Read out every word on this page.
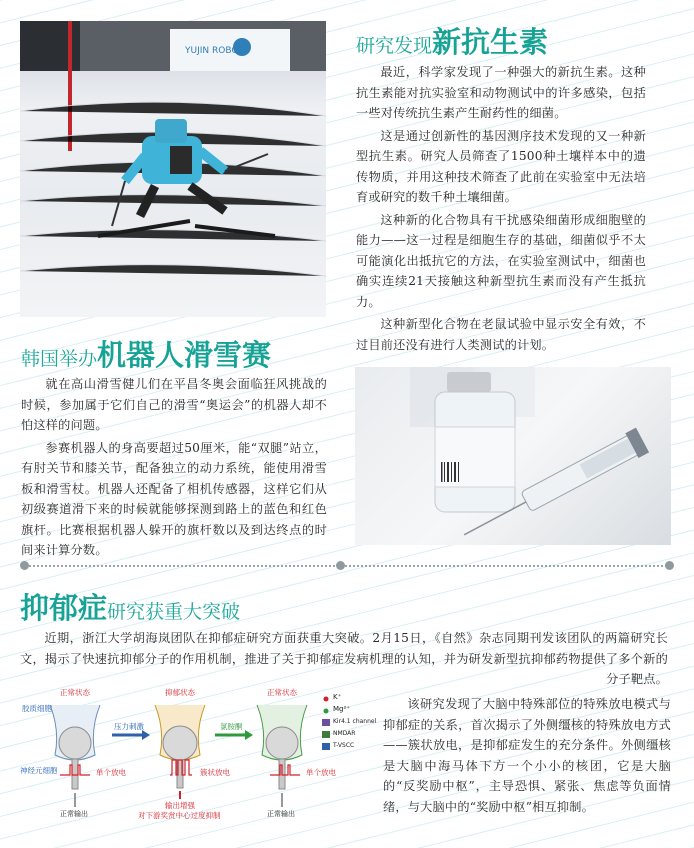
YUJIN ROBOT	研究发现新抗生素

最近，科学家发现了一种强大的新抗生素。这种抗生素能对抗实验室和动物测试中的许多感染，包括一些对传统抗生素产生耐药性的细菌。

这是通过创新性的基因测序技术发现的又一种新型抗生素。研究人员筛查了1500种土壤样本中的遗传物质，并用这种技术筛查了此前在实验室中无法培育或研究的数千种土壤细菌。

这种新的化合物具有干扰感染细菌形成细胞壁的能力——这一过程是细胞生存的基础，细菌似乎不太可能演化出抵抗它的方法，在实验室测试中，细菌也确实连续21天接触这种新型抗生素而没有产生抵抗力。

这种新型化合物在老鼠试验中显示安全有效，不过目前还没有进行人类测试的计划。

韩国举办机器人滑雪赛

就在高山滑雪健儿们在平昌冬奥会面临狂风挑战的时候，参加属于它们自己的滑雪“奥运会”的机器人却不怕这样的问题。

参赛机器人的身高要超过50厘米，能“双腿”站立，有肘关节和膝关节，配备独立的动力系统，能使用滑雪板和滑雪杖。机器人还配备了相机传感器，这样它们从初级赛道滑下来的时候就能够探测到路上的蓝色和红色旗杆。比赛根据机器人躲开的旗杆数以及到达终点的时间来计算分数。

抑郁症研究获重大突破

近期，浙江大学胡海岚团队在抑郁症研究方面获重大突破。2月15日，《自然》杂志同期刊发该团队的两篇研究长文，揭示了快速抗抑郁分子的作用机制，推进了关于抑郁症发病机理的认知，并为研发新型抗抑郁药物提供了多个新的分子靶点。

该研究发现了大脑中特殊部位的特殊放电模式与抑郁症的关系，首次揭示了外侧缰核的特殊放电方式——簇状放电，是抑郁症发生的充分条件。外侧缰核是大脑中海马体下方一个小小的核团，它是大脑的“反奖励中枢”，主导恐惧、紧张、焦虑等负面情绪，与大脑中的“奖励中枢”相互抑制。

正常状态	抑郁状态	正常状态
胶质细胞
神经元细胞
压力刺激	氯胺酮
单个放电	簇状放电	单个放电
正常输出
输出增强
对下游奖赏中心过度抑制	正常输出
K⁺
Mg²⁺
Kir4.1 channel
NMDAR
T-VSCC
